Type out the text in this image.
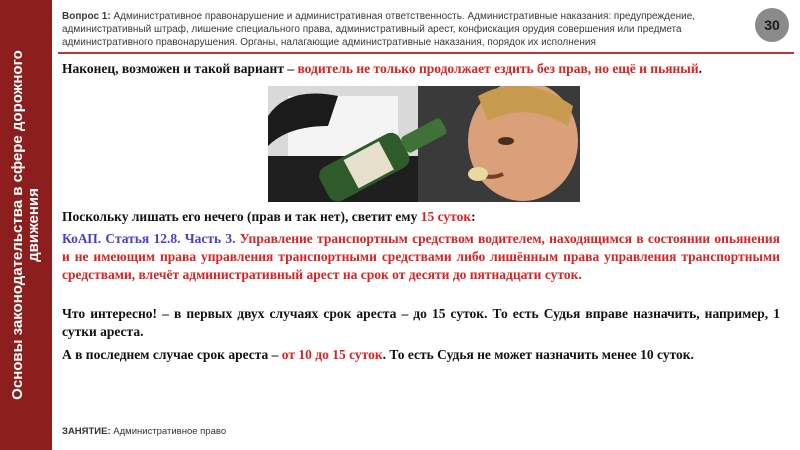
Основы законодательства в сфере дорожного движения
Вопрос 1: Административное правонарушение и административная ответственность. Административные наказания: предупреждение, административный штраф, лишение специального права, административный арест, конфискация орудия совершения или предмета административного правонарушения. Органы, налагающие административные наказания, порядок их исполнения
30
Наконец, возможен и такой вариант – водитель не только продолжает ездить без прав, но ещё и пьяный.
Поскольку лишать его нечего (прав и так нет), светит ему 15 суток:
КоАП. Статья 12.8. Часть 3. Управление транспортным средством водителем, находящимся в состоянии опьянения и не имеющим права управления транспортными средствами либо лишённым права управления транспортными средствами, влечёт административный арест на срок от десяти до пятнадцати суток.
Что интересно! – в первых двух случаях срок ареста – до 15 суток. То есть Судья вправе назначить, например, 1 сутки ареста.
А в последнем случае срок ареста – от 10 до 15 суток. То есть Судья не может назначить менее 10 суток.
ЗАНЯТИЕ: Административное право
